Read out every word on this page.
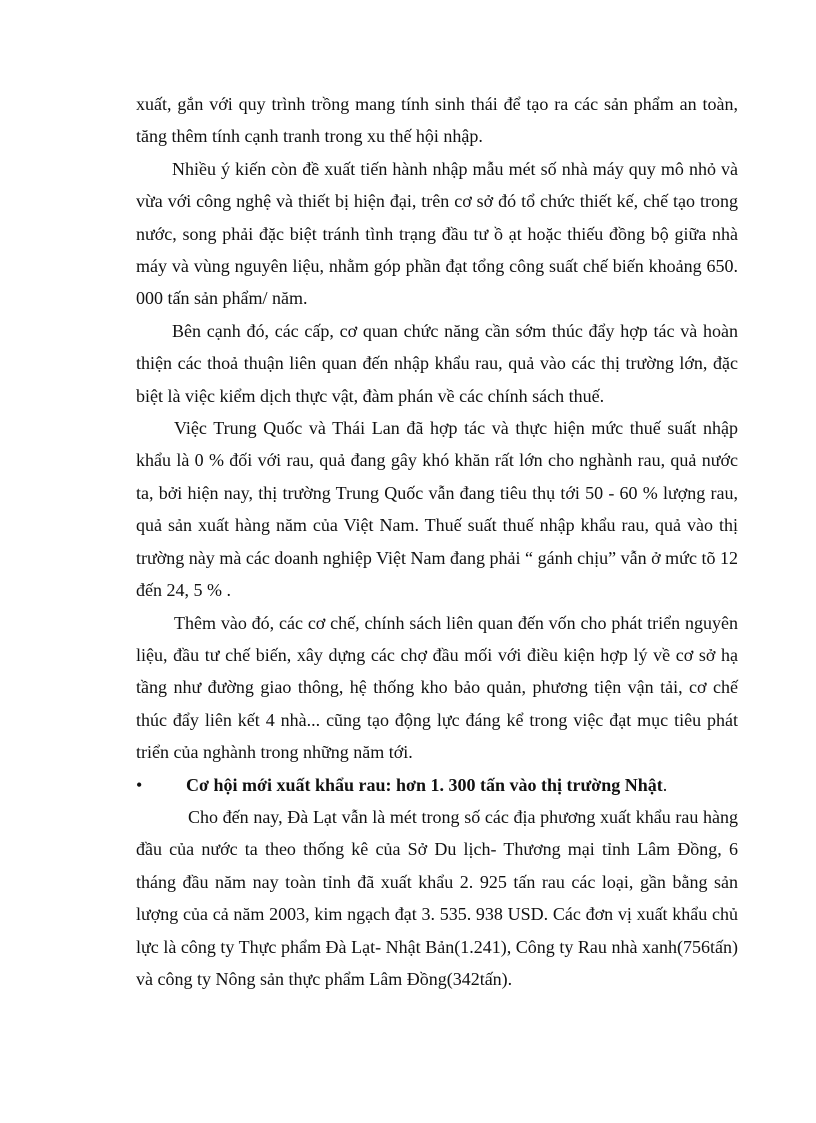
xuất, gắn với quy trình trồng mang tính sinh thái để tạo ra các sản phẩm an toàn, tăng thêm tính cạnh tranh trong xu thế hội nhập.

Nhiều ý kiến còn đề xuất tiến hành nhập mẫu mét số nhà máy quy mô nhỏ và vừa với công nghệ và thiết bị hiện đại, trên cơ sở đó tổ chức thiết kế, chế tạo trong nước, song phải đặc biệt tránh tình trạng đầu tư ồ ạt hoặc thiếu đồng bộ giữa nhà máy và vùng nguyên liệu, nhằm góp phần đạt tổng công suất chế biến khoảng 650. 000 tấn sản phẩm/ năm.

Bên cạnh đó, các cấp, cơ quan chức năng cần sớm thúc đẩy hợp tác và hoàn thiện các thoả thuận liên quan đến nhập khẩu rau, quả vào các thị trường lớn, đặc biệt là việc kiểm dịch thực vật, đàm phán về các chính sách thuế.

Việc Trung Quốc và Thái Lan đã hợp tác và thực hiện mức thuế suất nhập khẩu là 0 % đối với rau, quả đang gây khó khăn rất lớn cho nghành rau, quả nước ta, bởi hiện nay, thị trường Trung Quốc vẫn đang tiêu thụ tới 50 - 60 % lượng rau, quả sản xuất hàng năm của Việt Nam. Thuế suất thuế nhập khẩu rau, quả vào thị trường này mà các doanh nghiệp Việt Nam đang phải “ gánh chịu” vẫn ở mức tõ 12 đến 24, 5 % .

Thêm vào đó, các cơ chế, chính sách liên quan đến vốn cho phát triển nguyên liệu, đầu tư chế biến, xây dựng các chợ đầu mối với điều kiện hợp lý về cơ sở hạ tầng như đường giao thông, hệ thống kho bảo quản, phương tiện vận tải, cơ chế thúc đẩy liên kết 4 nhà... cũng tạo động lực đáng kể trong việc đạt mục tiêu phát triển của nghành trong những năm tới.

• Cơ hội mới xuất khẩu rau: hơn 1. 300 tấn vào thị trường Nhật.

Cho đến nay, Đà Lạt vẫn là mét trong số các địa phương xuất khẩu rau hàng đầu của nước ta theo thống kê của Sở Du lịch- Thương mại tỉnh Lâm Đồng, 6 tháng đầu năm nay toàn tỉnh đã xuất khẩu 2. 925 tấn rau các loại, gần bằng sản lượng của cả năm 2003, kim ngạch đạt 3. 535. 938 USD. Các đơn vị xuất khẩu chủ lực là công ty Thực phẩm Đà Lạt- Nhật Bản(1.241), Công ty Rau nhà xanh(756tấn) và công ty Nông sản thực phẩm Lâm Đồng(342tấn).
